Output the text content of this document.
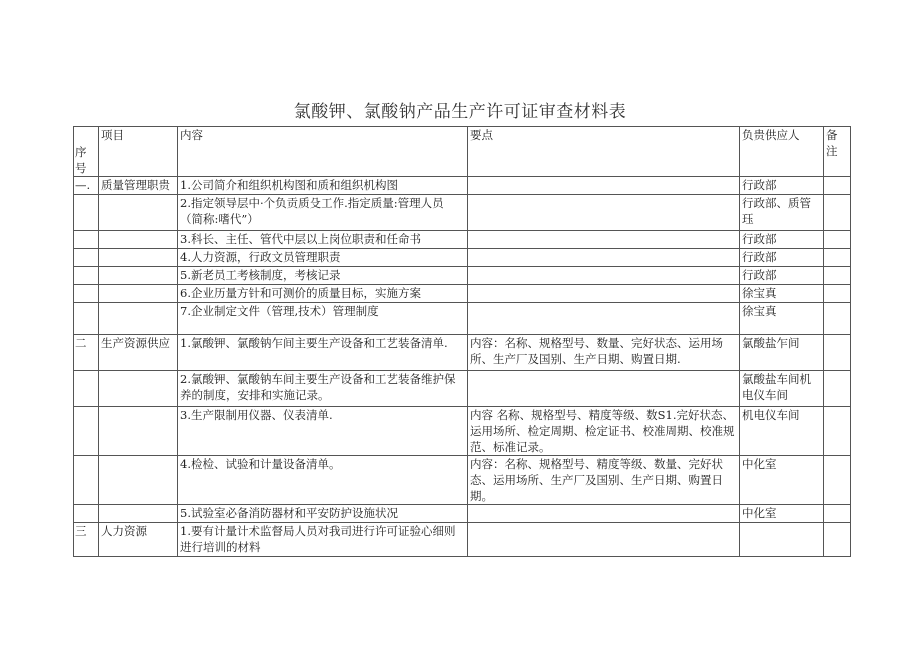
氯酸钾、氯酸钠产品生产许可证审查材料表
序号	项目	内容	要点	负贵供应人	备注
—.	质量管理职贵	1.公司简介和组织机构图和质和组织机构图		行政部	
		2.指定领导层中·个负贡质殳工作.指定质量:管理人员（简称:嗜代”）		行政部、质管珏	
		3.科长、主任、管代中层以上岗位职责和任命书		行政部	
		4.人力资源，行政文员管理职责		行政部	
		5.新老员工考核制度，考核记录		行政部	
		6.企业历量方针和可测价的质量目标，实施方案		徐宝真	
		7.企业制定文件（管理,技术）管理制度		徐宝真	
二	生产资源供应	1.氯酸钾、氯酸钠乍间主要生产设备和工艺装备清单.	内容：名称、规格型号、数量、完好状态、运用场所、生产厂及国别、生产日期、购置日期.	氯酸盐乍间	
		2.氯酸钾、氯酸钠车间主要生产设备和工艺装备维护保养的制度，安排和实施记录。		氯酸盐车间机电仪车间	
		3.生产限制用仪器、仪表清单.	内容 名称、规格型号、精度等级、数S1.完好状态、运用场所、检定周期、检定证书、校准周期、校准规范、标准记录。	机电仪车间	
		4.检检、试验和计量设备清单。	内容：名称、规格型号、精度等级、数量、完好状态、运用场所、生产厂及国别、生产日期、购置日期。	中化室	
		5.试验室必备消防器材和平安防护设施状况		中化室	
三	人力资源	1.要有计量计术监督局人员对我司进行许可证验心细则进行培训的材料			
